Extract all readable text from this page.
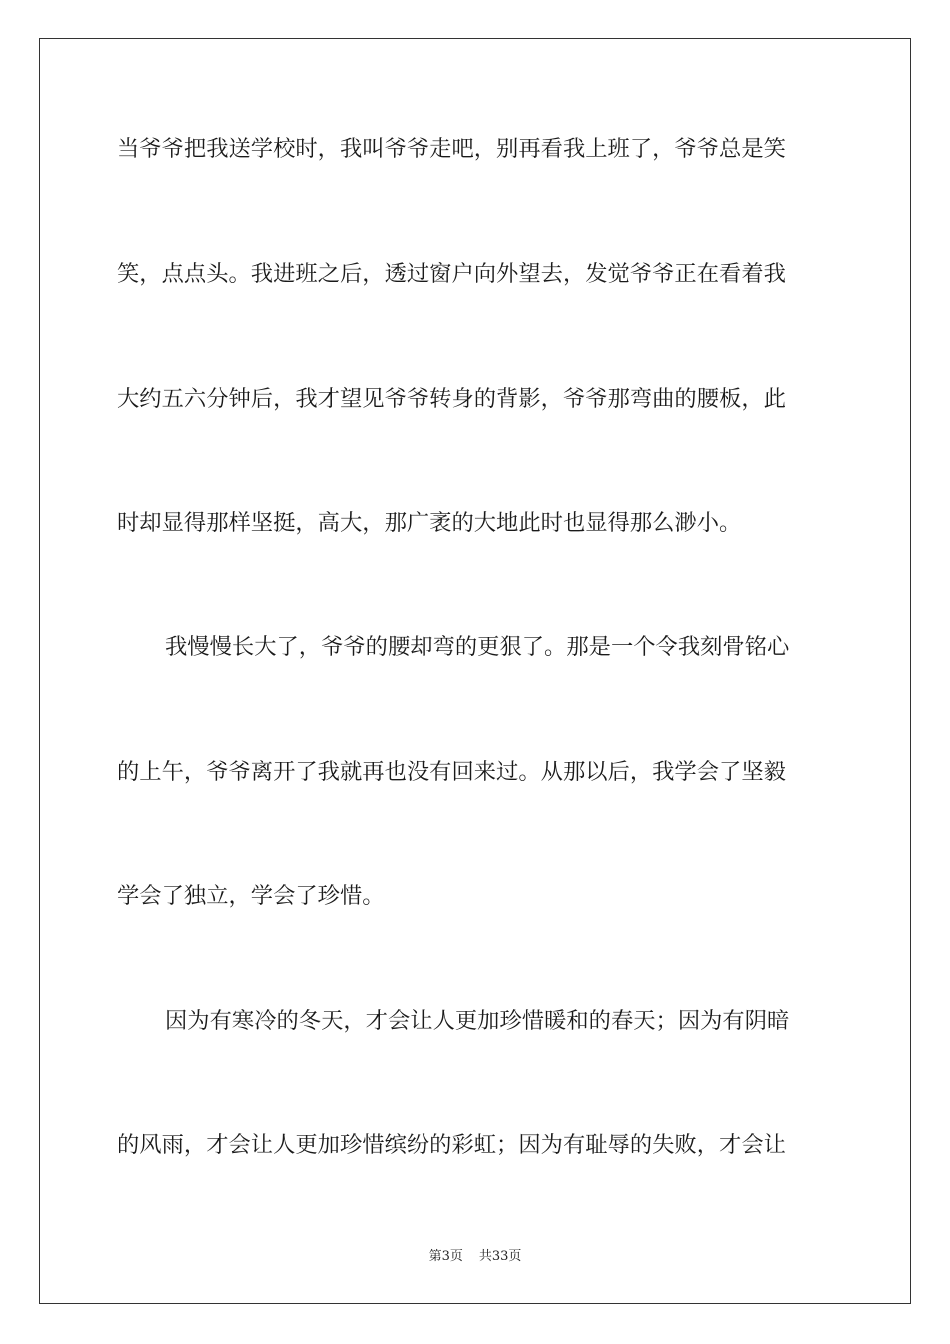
当爷爷把我送学校时，我叫爷爷走吧，别再看我上班了，爷爷总是笑
笑，点点头。我进班之后，透过窗户向外望去，发觉爷爷正在看着我
大约五六分钟后，我才望见爷爷转身的背影，爷爷那弯曲的腰板，此
时却显得那样坚挺，高大，那广袤的大地此时也显得那么渺小。
我慢慢长大了，爷爷的腰却弯的更狠了。那是一个令我刻骨铭心
的上午，爷爷离开了我就再也没有回来过。从那以后，我学会了坚毅
学会了独立，学会了珍惜。
因为有寒冷的冬天，才会让人更加珍惜暖和的春天；因为有阴暗
的风雨，才会让人更加珍惜缤纷的彩虹；因为有耻辱的失败，才会让
第3页 共33页
